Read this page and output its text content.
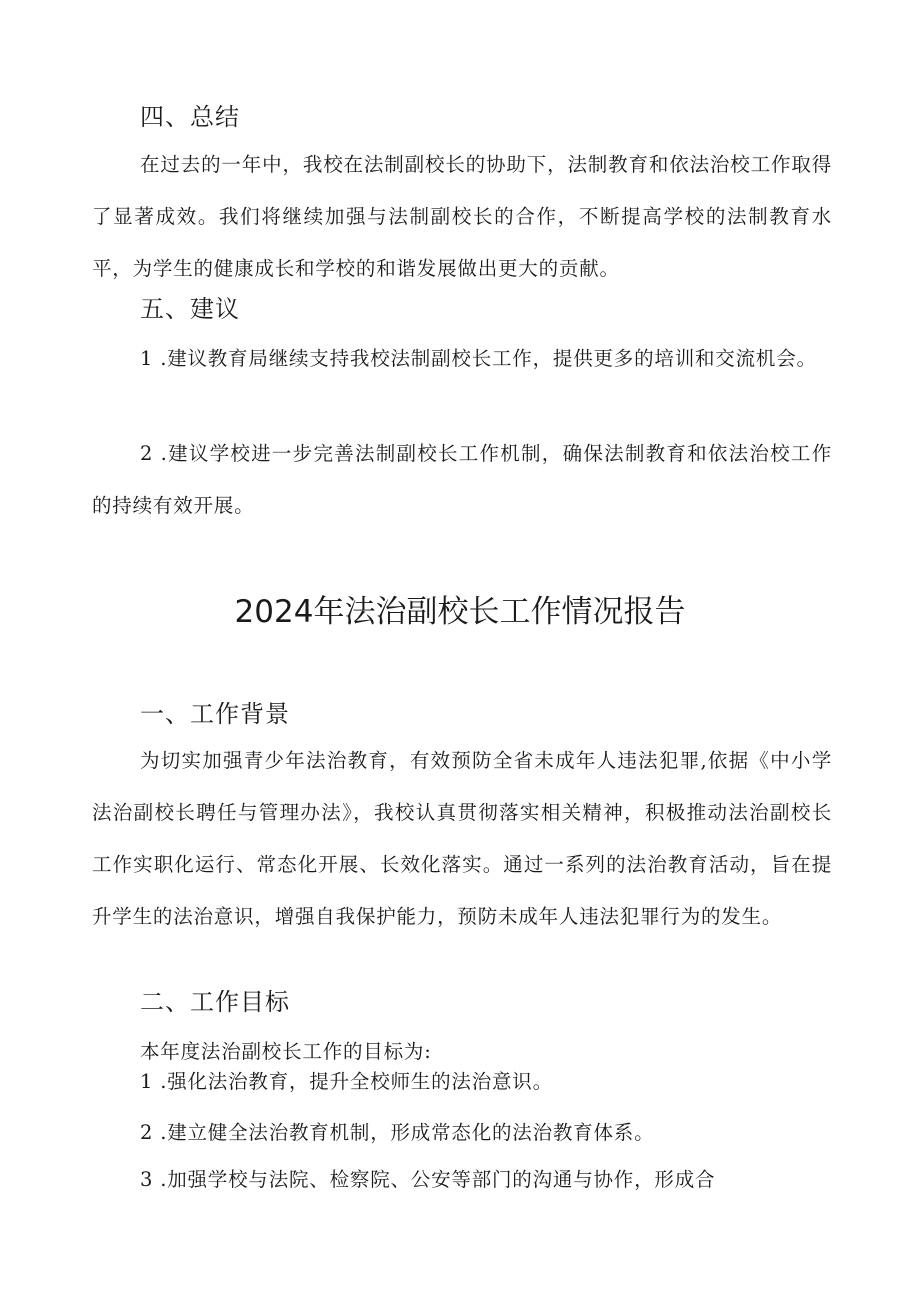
四、总结
在过去的一年中，我校在法制副校长的协助下，法制教育和依法治校工作取得了显著成效。我们将继续加强与法制副校长的合作，不断提高学校的法制教育水平，为学生的健康成长和学校的和谐发展做出更大的贡献。
五、建议
1 .建议教育局继续支持我校法制副校长工作，提供更多的培训和交流机会。
2 .建议学校进一步完善法制副校长工作机制，确保法制教育和依法治校工作的持续有效开展。
2024年法治副校长工作情况报告
一、工作背景
为切实加强青少年法治教育，有效预防全省未成年人违法犯罪,依据《中小学法治副校长聘任与管理办法》，我校认真贯彻落实相关精神，积极推动法治副校长工作实职化运行、常态化开展、长效化落实。通过一系列的法治教育活动，旨在提升学生的法治意识，增强自我保护能力，预防未成年人违法犯罪行为的发生。
二、工作目标
本年度法治副校长工作的目标为:
1 .强化法治教育，提升全校师生的法治意识。
2 .建立健全法治教育机制，形成常态化的法治教育体系。
3 .加强学校与法院、检察院、公安等部门的沟通与协作，形成合
